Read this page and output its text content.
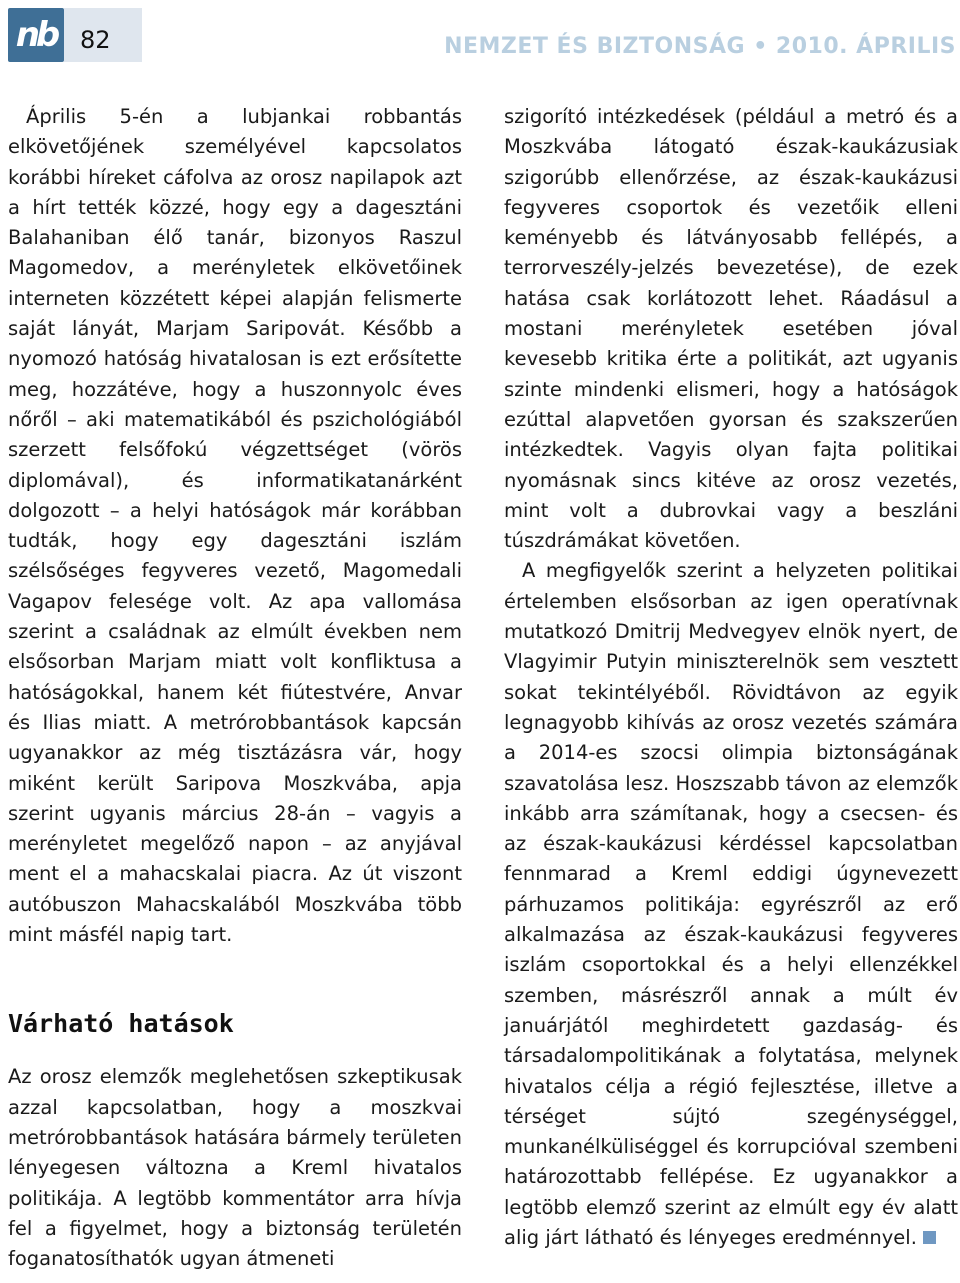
nb 82	NEMZET ÉS BIZTONSÁG • 2010. ÁPRILIS

Április 5-én a lubjankai robbantás elkövetőjének személyével kapcsolatos korábbi híreket cáfolva az orosz napilapok azt a hírt tették közzé, hogy egy a dagesztáni Balahaniban élő tanár, bizonyos Raszul Magomedov, a merényletek elkövetőinek interneten közzétett képei alapján felismerte saját lányát, Marjam Saripovát. Később a nyomozó hatóság hivatalosan is ezt erősítette meg, hozzátéve, hogy a huszonnyolc éves nőről – aki matematikából és pszichológiából szerzett felsőfokú végzettséget (vörös diplomával), és informatikatanárként dolgozott – a helyi hatóságok már korábban tudták, hogy egy dagesztáni iszlám szélsőséges fegyveres vezető, Magomedali Vagapov felesége volt. Az apa vallomása szerint a családnak az elmúlt években nem elsősorban Marjam miatt volt konfliktusa a hatóságokkal, hanem két fiútestvére, Anvar és Ilias miatt. A metrórobbantások kapcsán ugyanakkor az még tisztázásra vár, hogy miként került Saripova Moszkvába, apja szerint ugyanis március 28-án – vagyis a merényletet megelőző napon – az anyjával ment el a mahacskalai piacra. Az út viszont autóbuszon Mahacskalából Moszkvába több mint másfél napig tart.

Várható hatások

Az orosz elemzők meglehetősen szkeptikusak azzal kapcsolatban, hogy a moszkvai metrórobbantások hatására bármely területen lényegesen változna a Kreml hivatalos politikája. A legtöbb kommentátor arra hívja fel a figyelmet, hogy a biztonság területén foganatosíthatók ugyan átmeneti

szigorító intézkedések (például a metró és a Moszkvába látogató észak-kaukázusiak szigorúbb ellenőrzése, az észak-kaukázusi fegyveres csoportok és vezetőik elleni keményebb és látványosabb fellépés, a terrorveszély-jelzés bevezetése), de ezek hatása csak korlátozott lehet. Ráadásul a mostani merényletek esetében jóval kevesebb kritika érte a politikát, azt ugyanis szinte mindenki elismeri, hogy a hatóságok ezúttal alapvetően gyorsan és szakszerűen intézkedtek. Vagyis olyan fajta politikai nyomásnak sincs kitéve az orosz vezetés, mint volt a dubrovkai vagy a beszláni túszdrámákat követően.

A megfigyelők szerint a helyzeten politikai értelemben elsősorban az igen operatívnak mutatkozó Dmitrij Medvegyev elnök nyert, de Vlagyimir Putyin miniszterelnök sem vesztett sokat tekintélyéből. Rövidtávon az egyik legnagyobb kihívás az orosz vezetés számára a 2014-es szocsi olimpia biztonságának szavatolása lesz. Hoszszabb távon az elemzők inkább arra számítanak, hogy a csecsen- és az észak-kaukázusi kérdéssel kapcsolatban fennmarad a Kreml eddigi úgynevezett párhuzamos politikája: egyrészről az erő alkalmazása az észak-kaukázusi fegyveres iszlám csoportokkal és a helyi ellenzékkel szemben, másrészről annak a múlt év januárjától meghirdetett gazdaság- és társadalompolitikának a folytatása, melynek hivatalos célja a régió fejlesztése, illetve a térséget sújtó szegénységgel, munkanélküliséggel és korrupcióval szembeni határozottabb fellépése. Ez ugyanakkor a legtöbb elemző szerint az elmúlt egy év alatt alig járt látható és lényeges eredménnyel.
